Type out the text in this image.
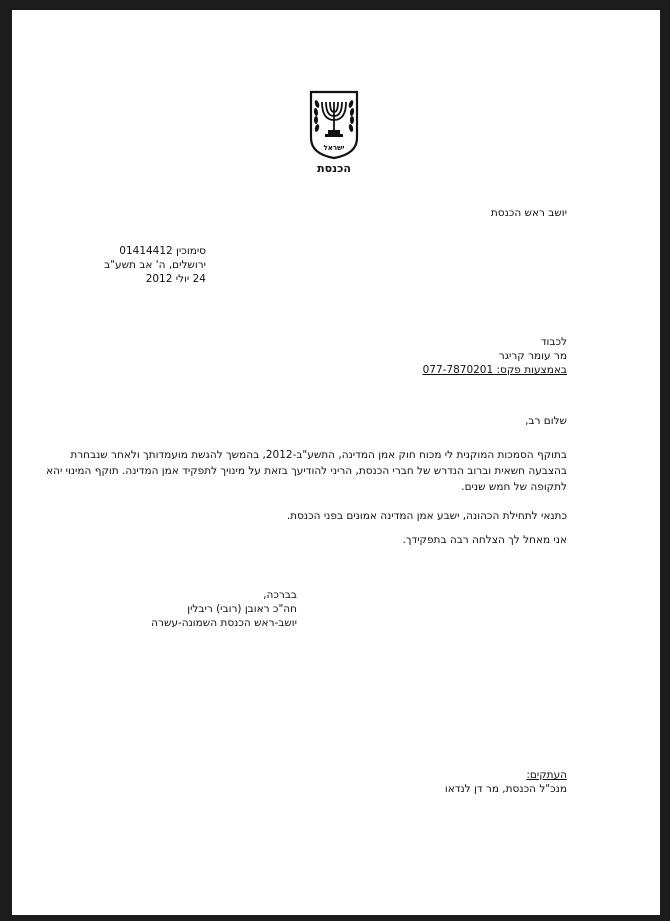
ישראל
הכנסת
יושב ראש הכנסת
סימוכין 01414412
ירושלים, ה' אב תשע"ב
24 יולי 2012
לכבוד
מר עומר קריגר
באמצעות פקס: 077-7870201
שלום רב,
בתוקף הסמכות המוקנית לי מכוח חוק אמן המדינה, התשע"ב-2012, בהמשך להגשת מועמדותך ולאחר שנבחרת בהצבעה חשאית וברוב הנדרש של חברי הכנסת, הריני להודיעך בזאת על מינויך לתפקיד אמן המדינה. תוקף המינוי יהא לתקופה של חמש שנים.
כתנאי לתחילת הכהונה, ישבע אמן המדינה אמונים בפני הכנסת.
אני מאחל לך הצלחה רבה בתפקידך.
בברכה,
חה"כ ראובן (רובי) ריבלין
יושב-ראש הכנסת השמונה-עשרה
העתקים:
מנכ"ל הכנסת, מר דן לנדאו
